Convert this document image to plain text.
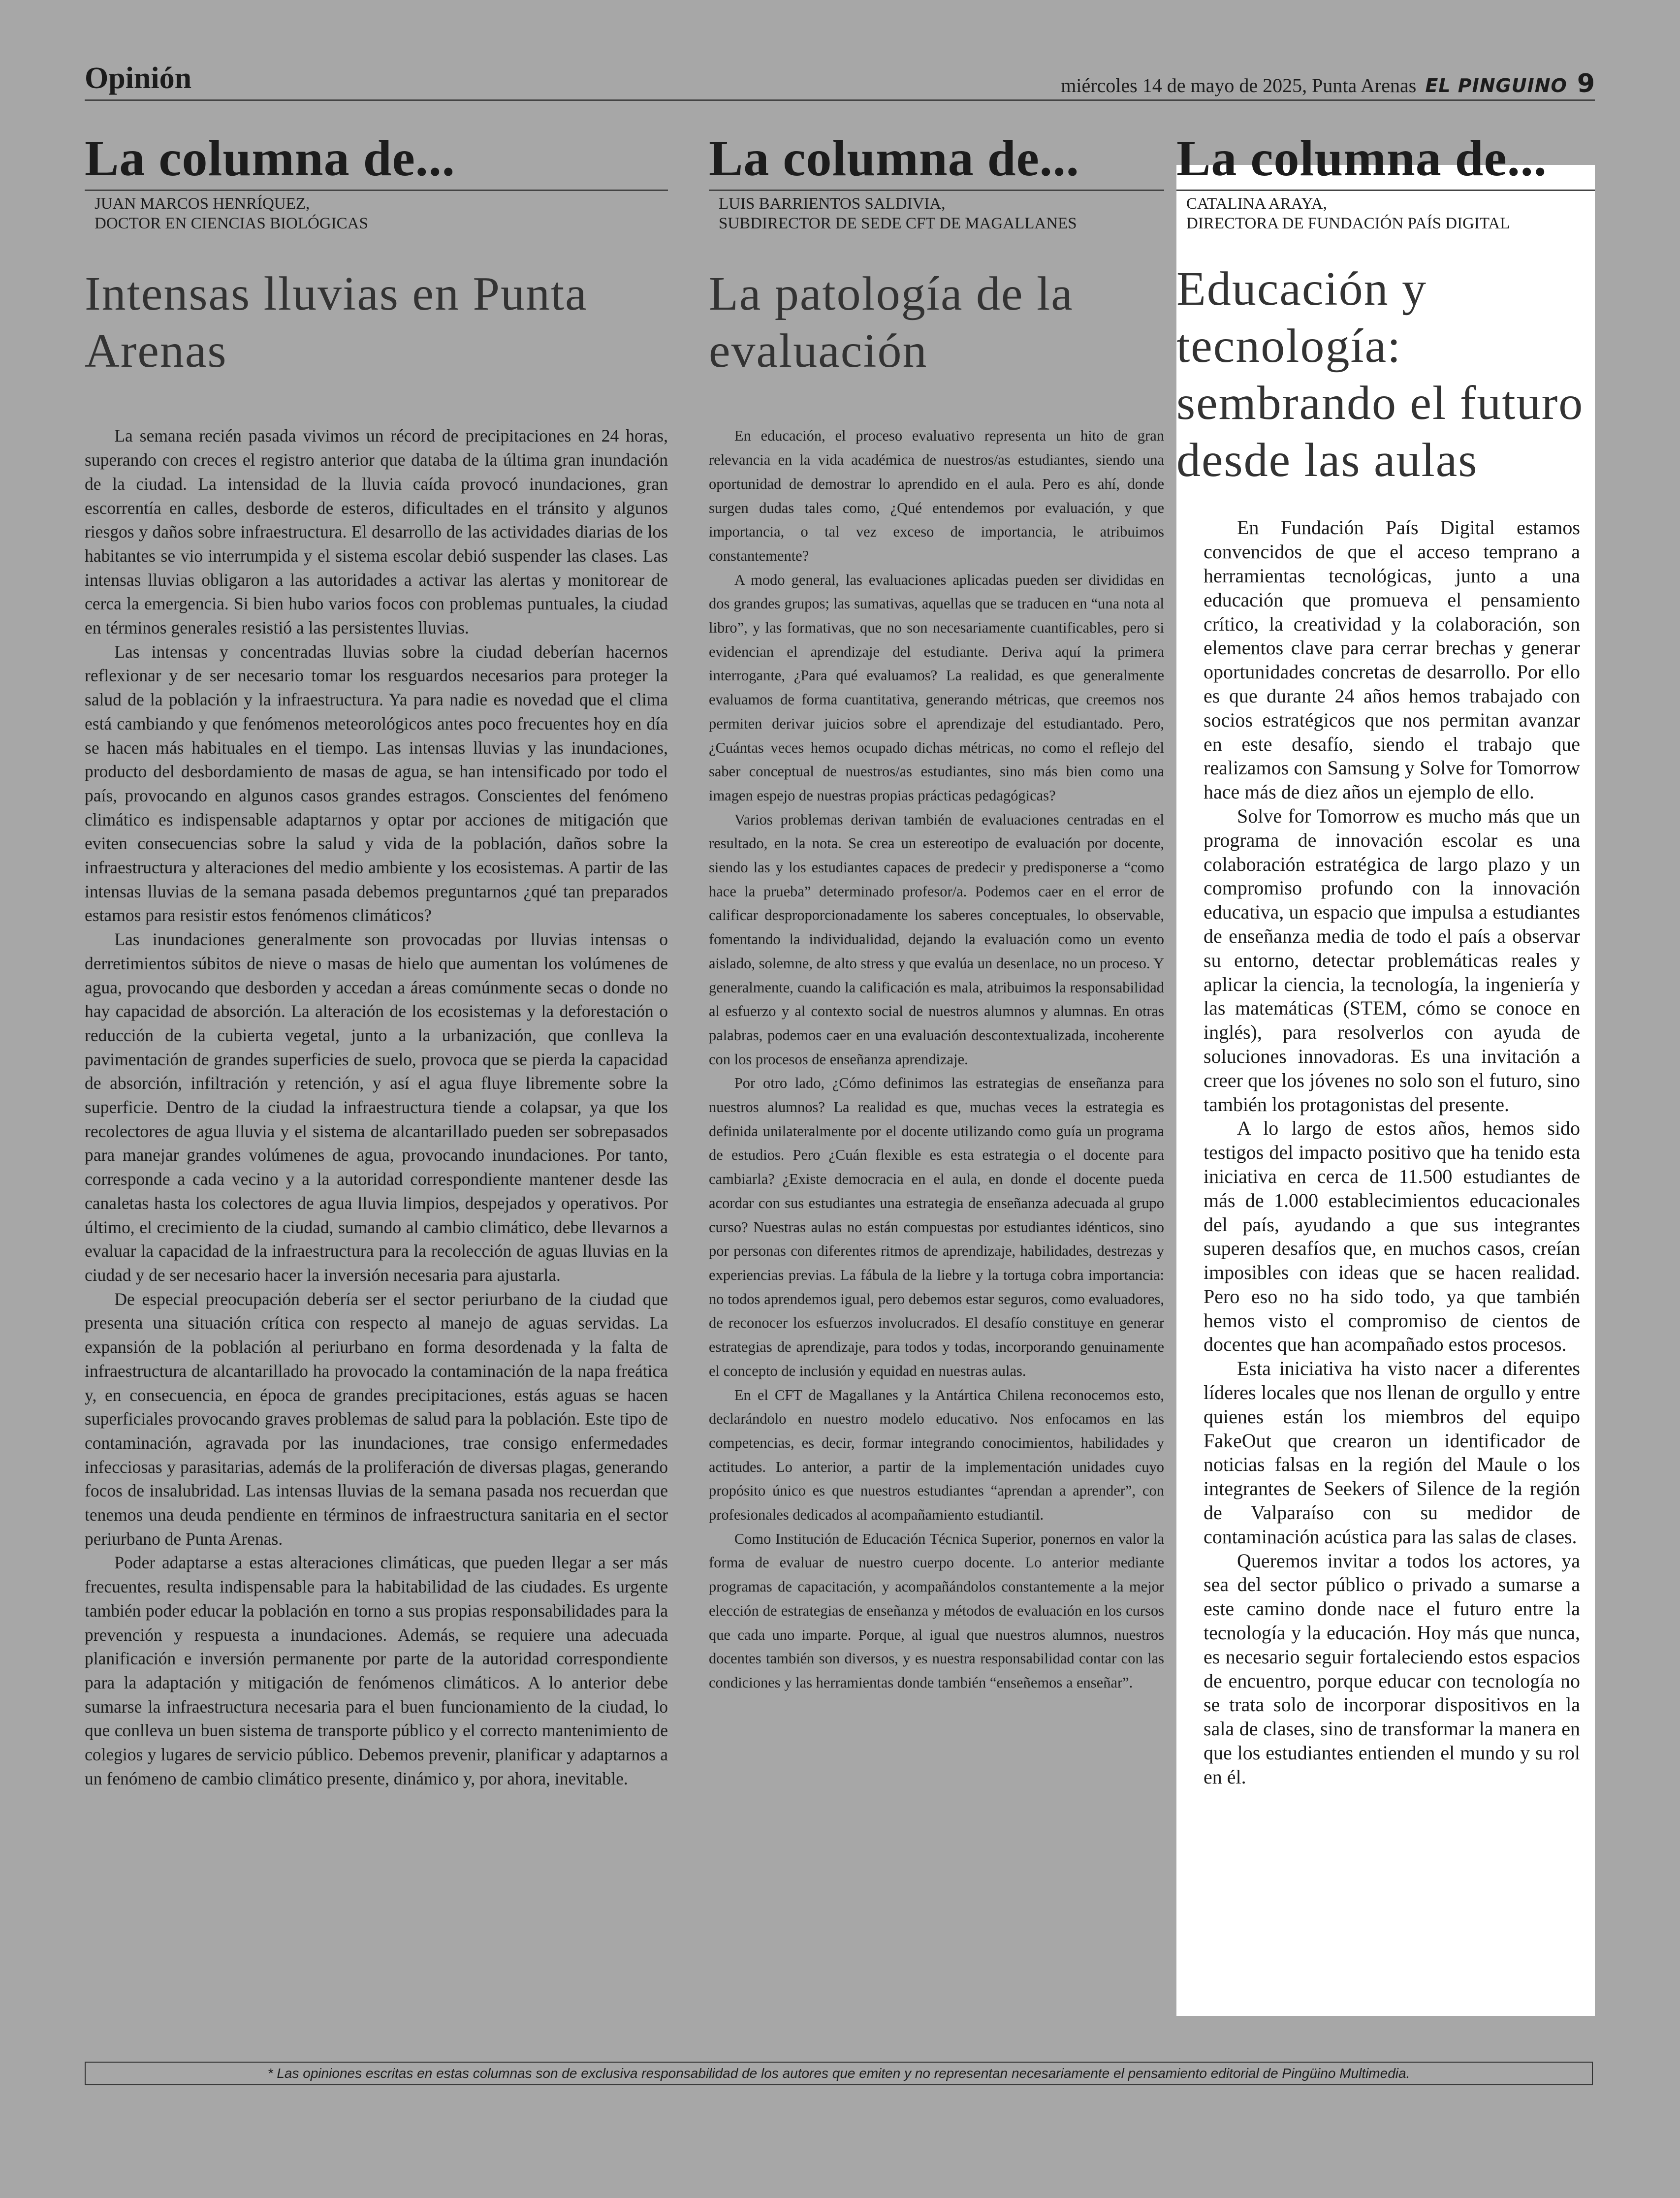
Opinión	miércoles 14 de mayo de 2025, Punta Arenas EL PINGUINO 9
La columna de...
JUAN MARCOS HENRÍQUEZ,
DOCTOR EN CIENCIAS BIOLÓGICAS
Intensas lluvias en Punta Arenas

La semana recién pasada vivimos un récord de precipitaciones en 24 horas, superando con creces el registro anterior que databa de la última gran inundación de la ciudad. La intensidad de la lluvia caída provocó inundaciones, gran escorrentía en calles, desborde de esteros, dificultades en el tránsito y algunos riesgos y daños sobre infraestructura. El desarrollo de las actividades diarias de los habitantes se vio interrumpida y el sistema escolar debió suspender las clases. Las intensas lluvias obligaron a las autoridades a activar las alertas y monitorear de cerca la emergencia. Si bien hubo varios focos con problemas puntuales, la ciudad en términos generales resistió a las persistentes lluvias.

Las intensas y concentradas lluvias sobre la ciudad deberían hacernos reflexionar y de ser necesario tomar los resguardos necesarios para proteger la salud de la población y la infraestructura. Ya para nadie es novedad que el clima está cambiando y que fenómenos meteorológicos antes poco frecuentes hoy en día se hacen más habituales en el tiempo. Las intensas lluvias y las inundaciones, producto del desbordamiento de masas de agua, se han intensificado por todo el país, provocando en algunos casos grandes estragos. Conscientes del fenómeno climático es indispensable adaptarnos y optar por acciones de mitigación que eviten consecuencias sobre la salud y vida de la población, daños sobre la infraestructura y alteraciones del medio ambiente y los ecosistemas. A partir de las intensas lluvias de la semana pasada debemos preguntarnos ¿qué tan preparados estamos para resistir estos fenómenos climáticos?

Las inundaciones generalmente son provocadas por lluvias intensas o derretimientos súbitos de nieve o masas de hielo que aumentan los volúmenes de agua, provocando que desborden y accedan a áreas comúnmente secas o donde no hay capacidad de absorción. La alteración de los ecosistemas y la deforestación o reducción de la cubierta vegetal, junto a la urbanización, que conlleva la pavimentación de grandes superficies de suelo, provoca que se pierda la capacidad de absorción, infiltración y retención, y así el agua fluye libremente sobre la superficie. Dentro de la ciudad la infraestructura tiende a colapsar, ya que los recolectores de agua lluvia y el sistema de alcantarillado pueden ser sobrepasados para manejar grandes volúmenes de agua, provocando inundaciones. Por tanto, corresponde a cada vecino y a la autoridad correspondiente mantener desde las canaletas hasta los colectores de agua lluvia limpios, despejados y operativos. Por último, el crecimiento de la ciudad, sumando al cambio climático, debe llevarnos a evaluar la capacidad de la infraestructura para la recolección de aguas lluvias en la ciudad y de ser necesario hacer la inversión necesaria para ajustarla.

De especial preocupación debería ser el sector periurbano de la ciudad que presenta una situación crítica con respecto al manejo de aguas servidas. La expansión de la población al periurbano en forma desordenada y la falta de infraestructura de alcantarillado ha provocado la contaminación de la napa freática y, en consecuencia, en época de grandes precipitaciones, estás aguas se hacen superficiales provocando graves problemas de salud para la población. Este tipo de contaminación, agravada por las inundaciones, trae consigo enfermedades infecciosas y parasitarias, además de la proliferación de diversas plagas, generando focos de insalubridad. Las intensas lluvias de la semana pasada nos recuerdan que tenemos una deuda pendiente en términos de infraestructura sanitaria en el sector periurbano de Punta Arenas.

Poder adaptarse a estas alteraciones climáticas, que pueden llegar a ser más frecuentes, resulta indispensable para la habitabilidad de las ciudades. Es urgente también poder educar la población en torno a sus propias responsabilidades para la prevención y respuesta a inundaciones. Además, se requiere una adecuada planificación e inversión permanente por parte de la autoridad correspondiente para la adaptación y mitigación de fenómenos climáticos. A lo anterior debe sumarse la infraestructura necesaria para el buen funcionamiento de la ciudad, lo que conlleva un buen sistema de transporte público y el correcto mantenimiento de colegios y lugares de servicio público. Debemos prevenir, planificar y adaptarnos a un fenómeno de cambio climático presente, dinámico y, por ahora, inevitable.

La columna de...
LUIS BARRIENTOS SALDIVIA,
SUBDIRECTOR DE SEDE CFT DE MAGALLANES
La patología de la evaluación

En educación, el proceso evaluativo representa un hito de gran relevancia en la vida académica de nuestros/as estudiantes, siendo una oportunidad de demostrar lo aprendido en el aula. Pero es ahí, donde surgen dudas tales como, ¿Qué entendemos por evaluación, y que importancia, o tal vez exceso de importancia, le atribuimos constantemente?

A modo general, las evaluaciones aplicadas pueden ser divididas en dos grandes grupos; las sumativas, aquellas que se traducen en “una nota al libro”, y las formativas, que no son necesariamente cuantificables, pero si evidencian el aprendizaje del estudiante. Deriva aquí la primera interrogante, ¿Para qué evaluamos? La realidad, es que generalmente evaluamos de forma cuantitativa, generando métricas, que creemos nos permiten derivar juicios sobre el aprendizaje del estudiantado. Pero, ¿Cuántas veces hemos ocupado dichas métricas, no como el reflejo del saber conceptual de nuestros/as estudiantes, sino más bien como una imagen espejo de nuestras propias prácticas pedagógicas?

Varios problemas derivan también de evaluaciones centradas en el resultado, en la nota. Se crea un estereotipo de evaluación por docente, siendo las y los estudiantes capaces de predecir y predisponerse a “como hace la prueba” determinado profesor/a. Podemos caer en el error de calificar desproporcionadamente los saberes conceptuales, lo observable, fomentando la individualidad, dejando la evaluación como un evento aislado, solemne, de alto stress y que evalúa un desenlace, no un proceso. Y generalmente, cuando la calificación es mala, atribuimos la responsabilidad al esfuerzo y al contexto social de nuestros alumnos y alumnas. En otras palabras, podemos caer en una evaluación descontextualizada, incoherente con los procesos de enseñanza aprendizaje.

Por otro lado, ¿Cómo definimos las estrategias de enseñanza para nuestros alumnos? La realidad es que, muchas veces la estrategia es definida unilateralmente por el docente utilizando como guía un programa de estudios. Pero ¿Cuán flexible es esta estrategia o el docente para cambiarla? ¿Existe democracia en el aula, en donde el docente pueda acordar con sus estudiantes una estrategia de enseñanza adecuada al grupo curso? Nuestras aulas no están compuestas por estudiantes idénticos, sino por personas con diferentes ritmos de aprendizaje, habilidades, destrezas y experiencias previas. La fábula de la liebre y la tortuga cobra importancia: no todos aprendemos igual, pero debemos estar seguros, como evaluadores, de reconocer los esfuerzos involucrados. El desafío constituye en generar estrategias de aprendizaje, para todos y todas, incorporando genuinamente el concepto de inclusión y equidad en nuestras aulas.

En el CFT de Magallanes y la Antártica Chilena reconocemos esto, declarándolo en nuestro modelo educativo. Nos enfocamos en las competencias, es decir, formar integrando conocimientos, habilidades y actitudes. Lo anterior, a partir de la implementación unidades cuyo propósito único es que nuestros estudiantes “aprendan a aprender”, con profesionales dedicados al acompañamiento estudiantil.

Como Institución de Educación Técnica Superior, ponernos en valor la forma de evaluar de nuestro cuerpo docente. Lo anterior mediante programas de capacitación, y acompañándolos constantemente a la mejor elección de estrategias de enseñanza y métodos de evaluación en los cursos que cada uno imparte. Porque, al igual que nuestros alumnos, nuestros docentes también son diversos, y es nuestra responsabilidad contar con las condiciones y las herramientas donde también “enseñemos a enseñar”.

La columna de...
CATALINA ARAYA,
DIRECTORA DE FUNDACIÓN PAÍS DIGITAL
Educación y tecnología: sembrando el futuro desde las aulas

En Fundación País Digital estamos convencidos de que el acceso temprano a herramientas tecnológicas, junto a una educación que promueva el pensamiento crítico, la creatividad y la colaboración, son elementos clave para cerrar brechas y generar oportunidades concretas de desarrollo. Por ello es que durante 24 años hemos trabajado con socios estratégicos que nos permitan avanzar en este desafío, siendo el trabajo que realizamos con Samsung y Solve for Tomorrow hace más de diez años un ejemplo de ello.

Solve for Tomorrow es mucho más que un programa de innovación escolar es una colaboración estratégica de largo plazo y un compromiso profundo con la innovación educativa, un espacio que impulsa a estudiantes de enseñanza media de todo el país a observar su entorno, detectar problemáticas reales y aplicar la ciencia, la tecnología, la ingeniería y las matemáticas (STEM, cómo se conoce en inglés), para resolverlos con ayuda de soluciones innovadoras. Es una invitación a creer que los jóvenes no solo son el futuro, sino también los protagonistas del presente.

A lo largo de estos años, hemos sido testigos del impacto positivo que ha tenido esta iniciativa en cerca de 11.500 estudiantes de más de 1.000 establecimientos educacionales del país, ayudando a que sus integrantes superen desafíos que, en muchos casos, creían imposibles con ideas que se hacen realidad. Pero eso no ha sido todo, ya que también hemos visto el compromiso de cientos de docentes que han acompañado estos procesos.

Esta iniciativa ha visto nacer a diferentes líderes locales que nos llenan de orgullo y entre quienes están los miembros del equipo FakeOut que crearon un identificador de noticias falsas en la región del Maule o los integrantes de Seekers of Silence de la región de Valparaíso con su medidor de contaminación acústica para las salas de clases.

Queremos invitar a todos los actores, ya sea del sector público o privado a sumarse a este camino donde nace el futuro entre la tecnología y la educación. Hoy más que nunca, es necesario seguir fortaleciendo estos espacios de encuentro, porque educar con tecnología no se trata solo de incorporar dispositivos en la sala de clases, sino de transformar la manera en que los estudiantes entienden el mundo y su rol en él.

* Las opiniones escritas en estas columnas son de exclusiva responsabilidad de los autores que emiten y no representan necesariamente el pensamiento editorial de Pingüino Multimedia.
